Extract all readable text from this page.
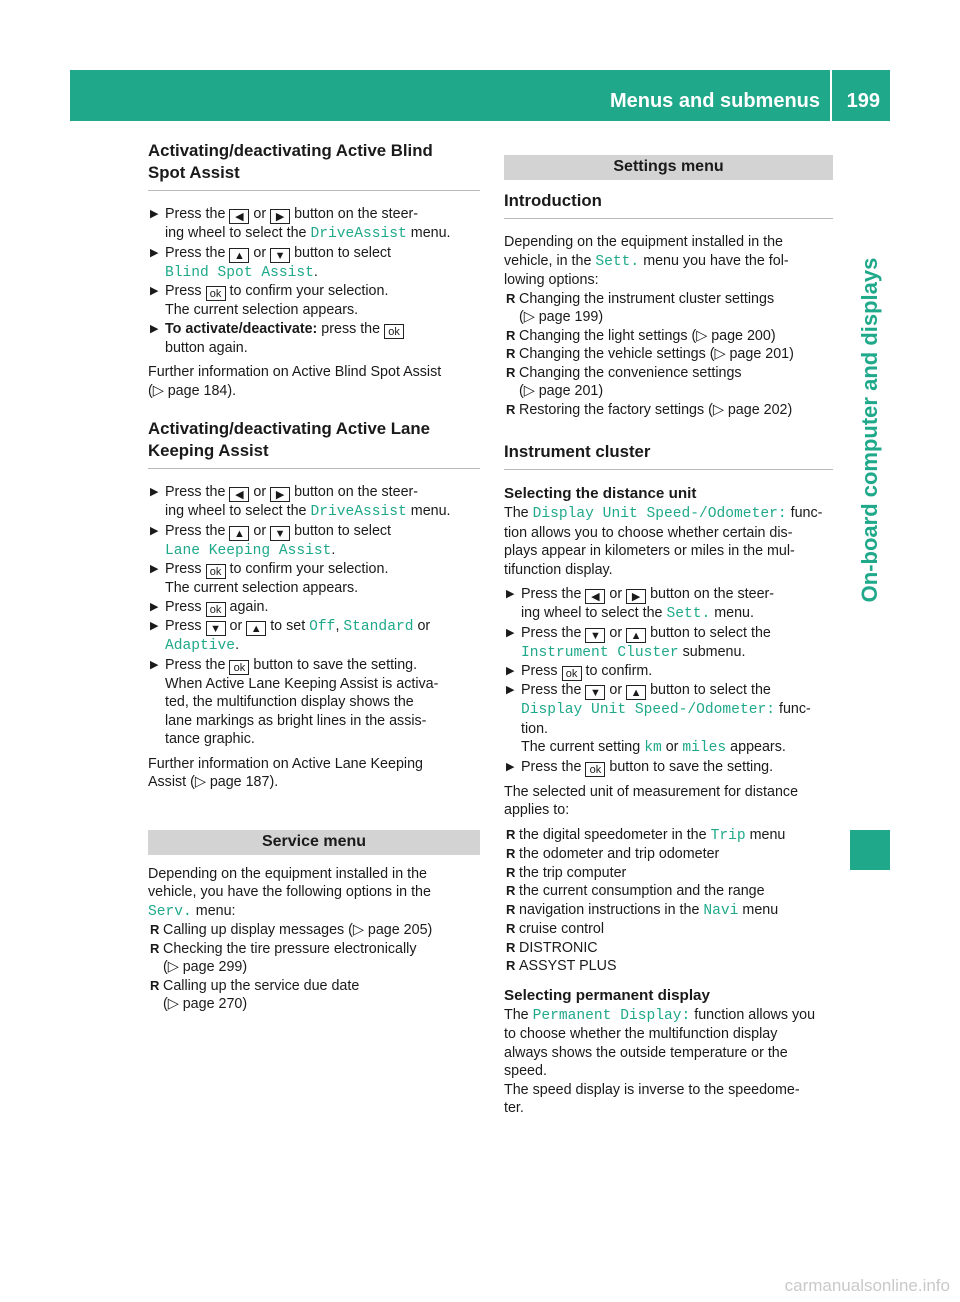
Menus and submenus 199
On-board computer and displays
Activating/deactivating Active Blind
Spot Assist

▶ Press the ◀ or ▶ button on the steer-
ing wheel to select the DriveAssist menu.

▶ Press the ▲ or ▼ button to select
Blind Spot Assist.

▶ Press ok to confirm your selection.
The current selection appears.

▶ To activate/deactivate: press the ok
button again.

Further information on Active Blind Spot Assist
(▷ page 184).

Activating/deactivating Active Lane
Keeping Assist

▶ Press the ◀ or ▶ button on the steer-
ing wheel to select the DriveAssist menu.

▶ Press the ▲ or ▼ button to select
Lane Keeping Assist.

▶ Press ok to confirm your selection.
The current selection appears.

▶ Press ok again.

▶ Press ▼ or ▲ to set Off, Standard or
Adaptive.

▶ Press the ok button to save the setting.
When Active Lane Keeping Assist is activa-
ted, the multifunction display shows the
lane markings as bright lines in the assis-
tance graphic.

Further information on Active Lane Keeping
Assist (▷ page 187).

Service menu

Depending on the equipment installed in the
vehicle, you have the following options in the
Serv. menu:

R Calling up display messages (▷ page 205)

R Checking the tire pressure electronically
(▷ page 299)

R Calling up the service due date
(▷ page 270)

Settings menu
Introduction

Depending on the equipment installed in the
vehicle, in the Sett. menu you have the fol-
lowing options:

R Changing the instrument cluster settings
(▷ page 199)

R Changing the light settings (▷ page 200)

R Changing the vehicle settings (▷ page 201)

R Changing the convenience settings
(▷ page 201)

R Restoring the factory settings (▷ page 202)

Instrument cluster
Selecting the distance unit

The Display Unit Speed-/Odometer: func-
tion allows you to choose whether certain dis-
plays appear in kilometers or miles in the mul-
tifunction display.

▶ Press the ◀ or ▶ button on the steer-
ing wheel to select the Sett. menu.

▶ Press the ▼ or ▲ button to select the
Instrument Cluster submenu.

▶ Press ok to confirm.

▶ Press the ▼ or ▲ button to select the
Display Unit Speed-/Odometer: func-
tion.
The current setting km or miles appears.

▶ Press the ok button to save the setting.

The selected unit of measurement for distance
applies to:

R the digital speedometer in the Trip menu

R the odometer and trip odometer

R the trip computer

R the current consumption and the range

R navigation instructions in the Navi menu

R cruise control

R DISTRONIC

R ASSYST PLUS

Selecting permanent display

The Permanent Display: function allows you
to choose whether the multifunction display
always shows the outside temperature or the
speed.

The speed display is inverse to the speedome-
ter.

carmanualsonline.info
